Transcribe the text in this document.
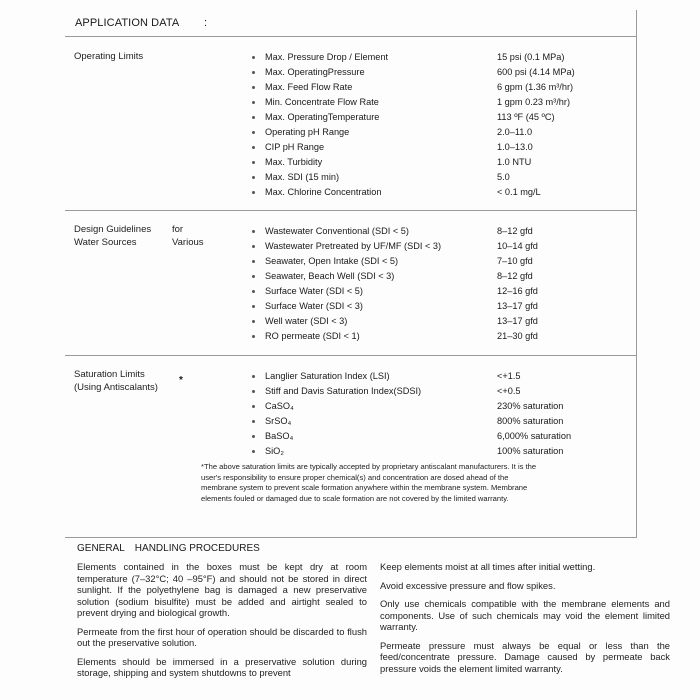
APPLICATION DATA :
Operating Limits	Max. Pressure Drop / Element	15 psi (0.1 MPa)
Max. OperatingPressure	600 psi (4.14 MPa)
Max. Feed Flow Rate	6 gpm (1.36 m³/hr)
Min. Concentrate Flow Rate	1 gpm 0.23 m³/hr)
Max. OperatingTemperature	113 ºF (45 ºC)
Operating pH Range	2.0–11.0
CIP pH Range	1.0–13.0
Max. Turbidity	1.0 NTU
Max. SDI (15 min)	5.0
Max. Chlorine Concentration	< 0.1 mg/L
Design Guidelines for Various

Water Sources
Wastewater Conventional (SDI < 5)	8–12 gfd
Wastewater Pretreated by UF/MF (SDI < 3)	10–14 gfd
Seawater, Open Intake (SDI < 5)	7–10 gfd
Seawater, Beach Well (SDI < 3)	8–12 gfd
Surface Water (SDI < 5)	12–16 gfd
Surface Water (SDI < 3)	13–17 gfd
Well water (SDI < 3)	13–17 gfd
RO permeate (SDI < 1)	21–30 gfd
Saturation Limits
(Using Antiscalants)
*	Langlier Saturation Index (LSI)	<+1.5
Stiff and Davis Saturation Index(SDSI)	<+0.5
CaSO₄	230% saturation
SrSO₄	800% saturation
BaSO₄	6,000% saturation
SiO₂	100% saturation
*The above saturation limits are typically accepted by proprietary antiscalant manufacturers. It is the user's responsibility to ensure proper chemical(s) and concentration are dosed ahead of the membrane system to prevent scale formation anywhere within the membrane system. Membrane elements fouled or damaged due to scale formation are not covered by the limited warranty.
GENERAL HANDLING PROCEDURES

Elements contained in the boxes must be kept dry at room temperature (7–32°C; 40 –95°F) and should not be stored in direct sunlight. If the polyethylene bag is damaged a new preservative solution (sodium bisulfite) must be added and airtight sealed to prevent drying and biological growth.

Permeate from the first hour of operation should be discarded to flush out the preservative solution.

Elements should be immersed in a preservative solution during storage, shipping and system shutdowns to prevent

Keep elements moist at all times after initial wetting.

Avoid excessive pressure and flow spikes.

Only use chemicals compatible with the membrane elements and components. Use of such chemicals may void the element limited warranty.

Permeate pressure must always be equal or less than the feed/concentrate pressure. Damage caused by permeate back pressure voids the element limited warranty.
